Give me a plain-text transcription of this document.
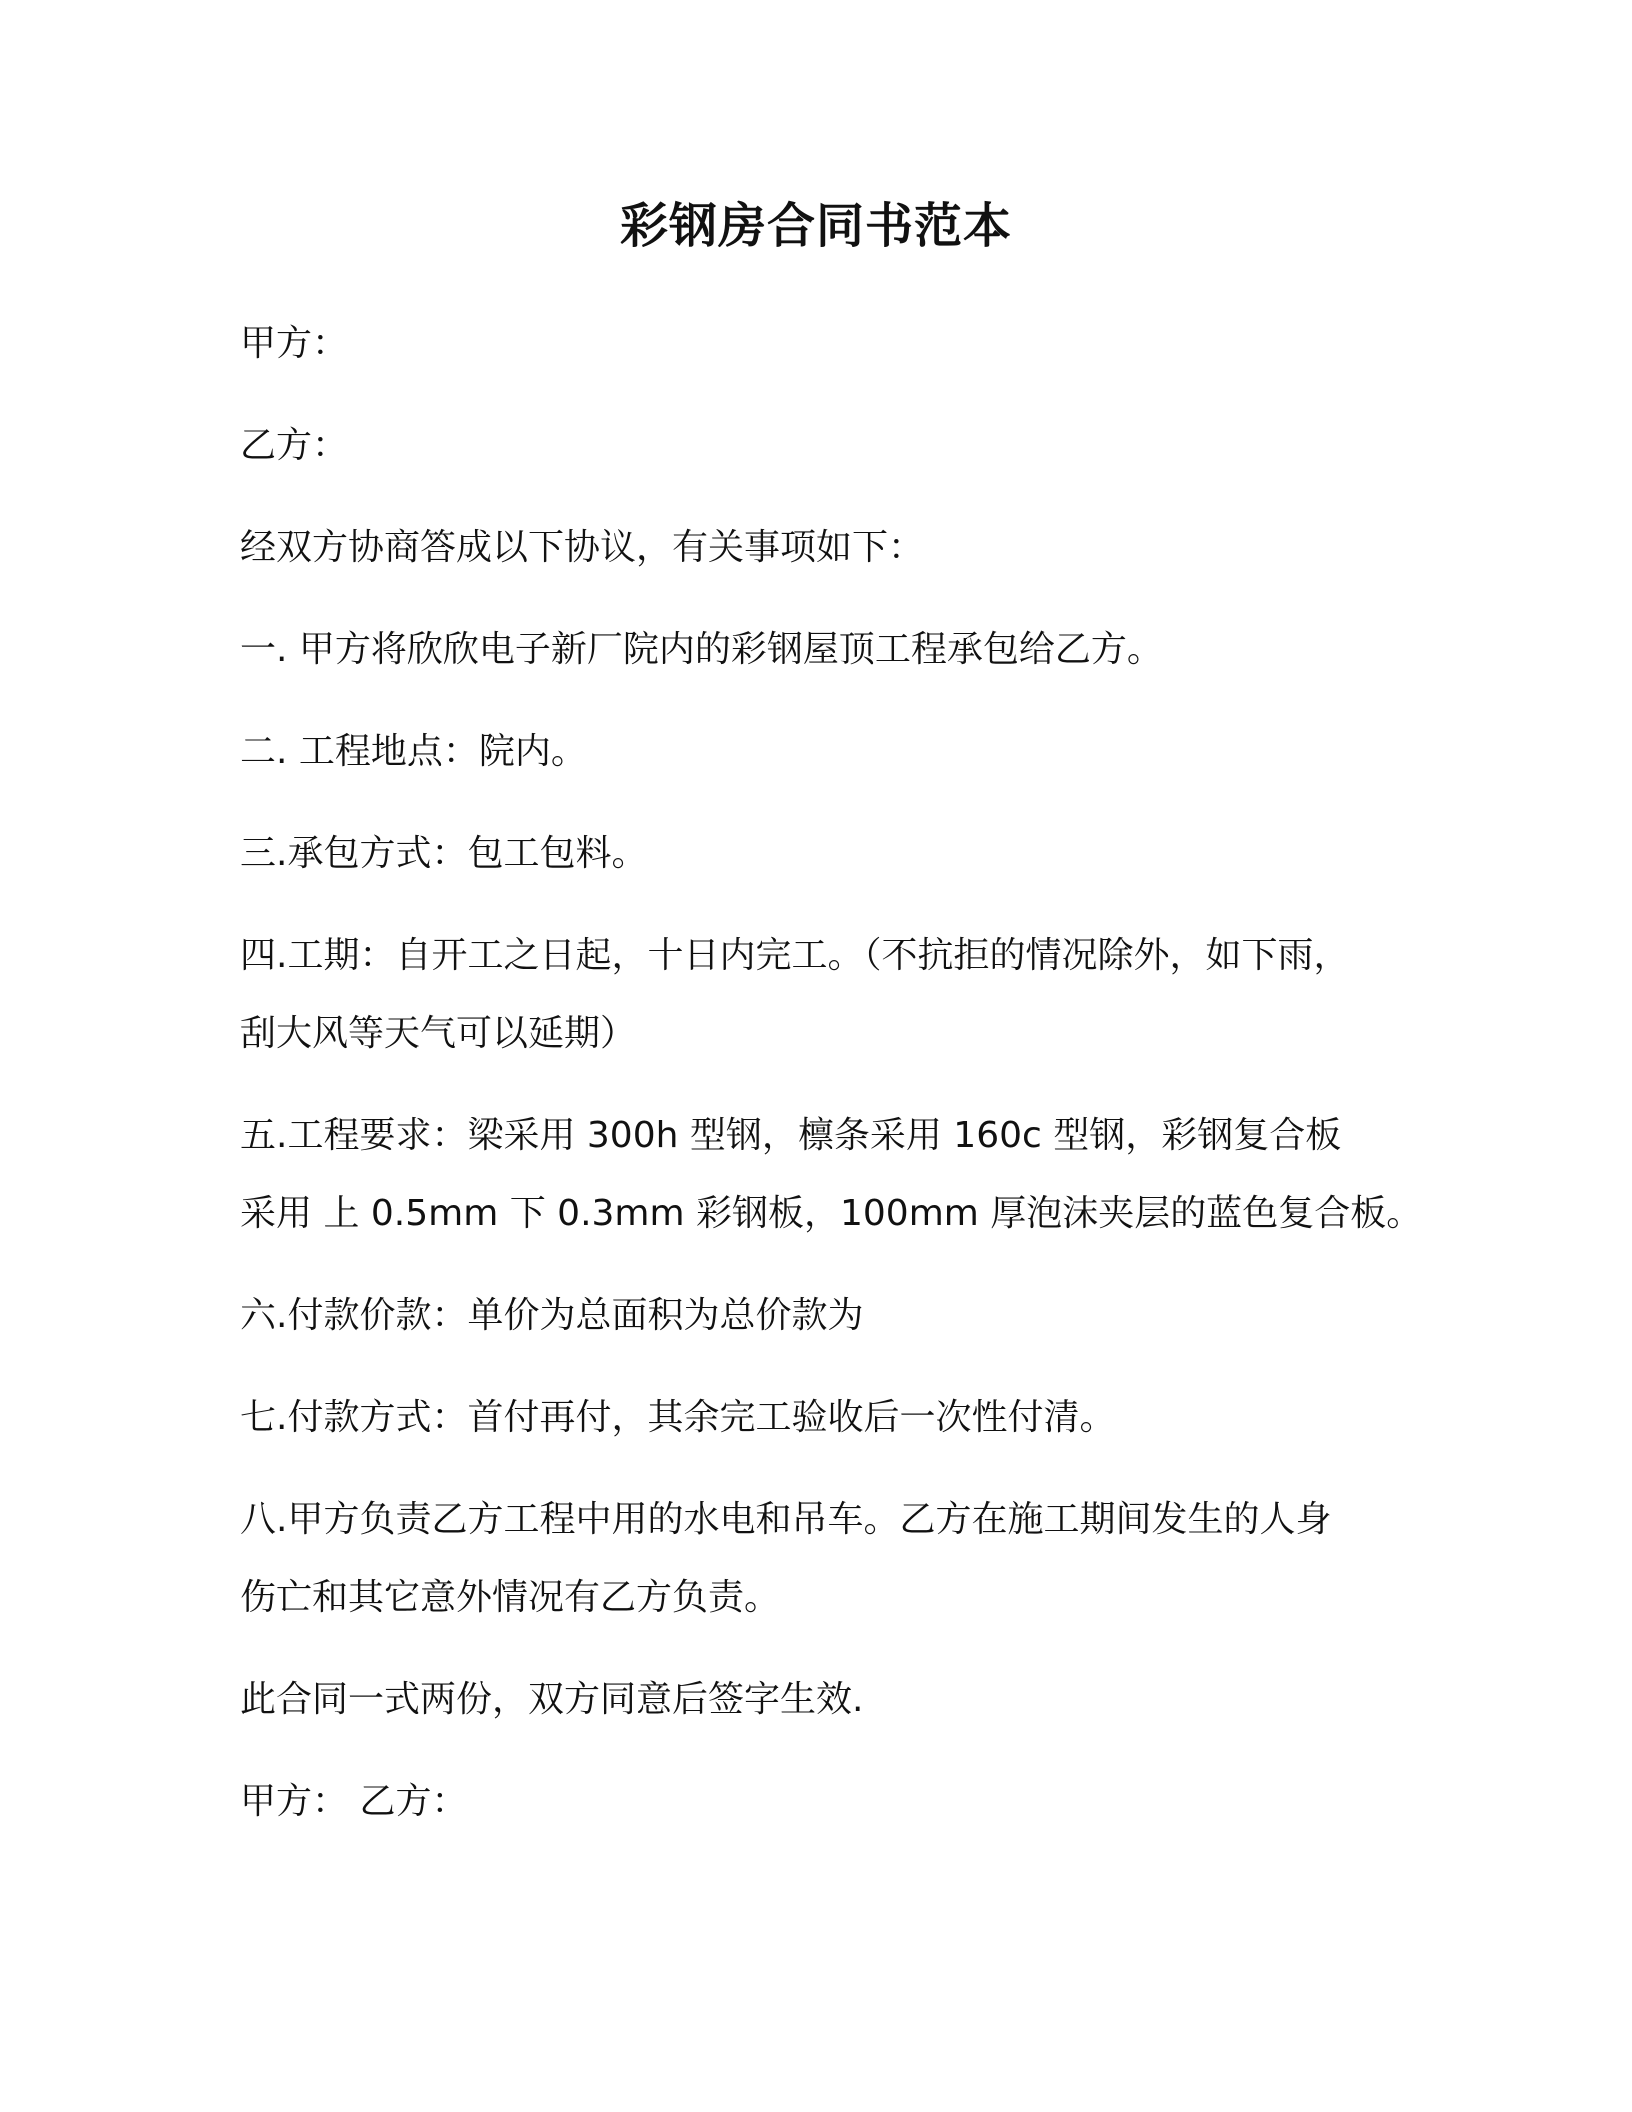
彩钢房合同书范本

甲方：

乙方：

经双方协商答成以下协议，有关事项如下：

一. 甲方将欣欣电子新厂院内的彩钢屋顶工程承包给乙方。

二. 工程地点：院内。

三.承包方式：包工包料。

四.工期：自开工之日起，十日内完工。（不抗拒的情况除外，如下雨，

刮大风等天气可以延期）

五.工程要求：梁采用 300h 型钢，檩条采用 160c 型钢，彩钢复合板

采用 上 0.5mm 下 0.3mm 彩钢板，100mm 厚泡沫夹层的蓝色复合板。

六.付款价款：单价为总面积为总价款为

七.付款方式：首付再付，其余完工验收后一次性付清。

八.甲方负责乙方工程中用的水电和吊车。乙方在施工期间发生的人身

伤亡和其它意外情况有乙方负责。

此合同一式两份，双方同意后签字生效.

甲方： 乙方：
